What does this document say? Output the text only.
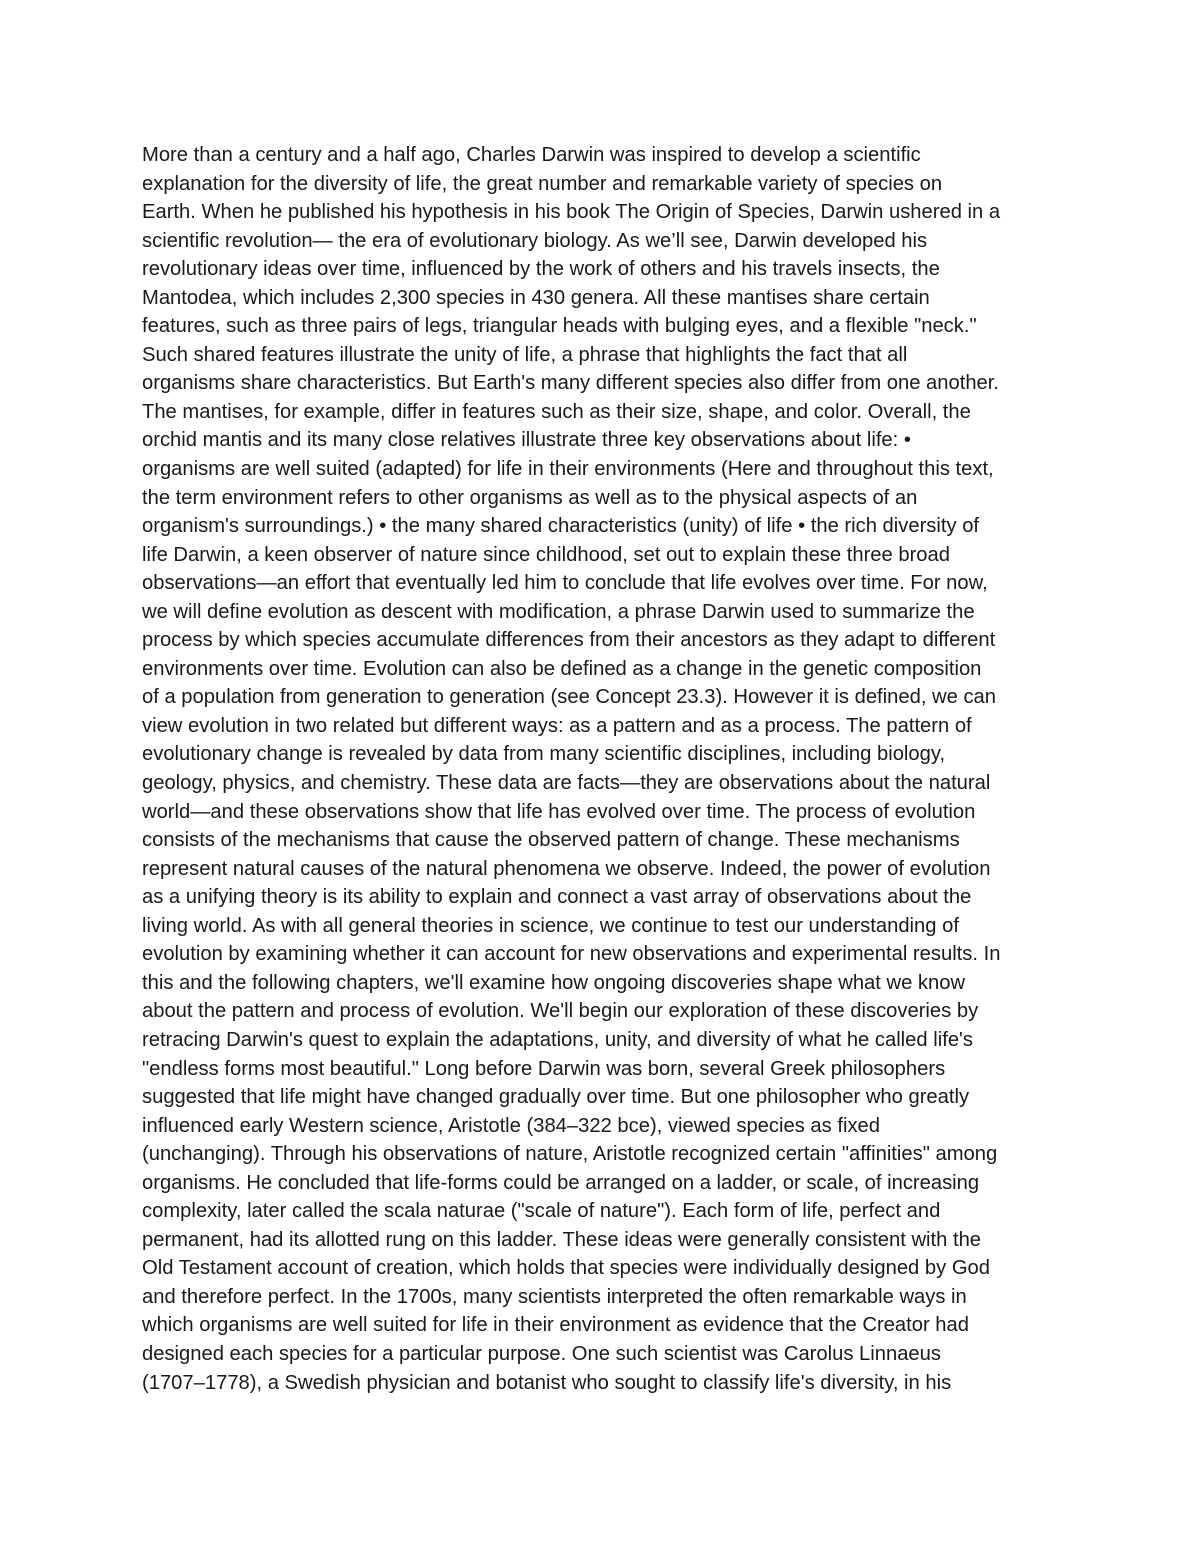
More than a century and a half ago, Charles Darwin was inspired to develop a scientific

explanation for the diversity of life, the great number and remarkable variety of species on

Earth. When he published his hypothesis in his book The Origin of Species, Darwin ushered in a

scientific revolution— the era of evolutionary biology. As we’ll see, Darwin developed his

revolutionary ideas over time, influenced by the work of others and his travels insects, the

Mantodea, which includes 2,300 species in 430 genera. All these mantises share certain

features, such as three pairs of legs, triangular heads with bulging eyes, and a flexible "neck."

Such shared features illustrate the unity of life, a phrase that highlights the fact that all

organisms share characteristics. But Earth's many different species also differ from one another.

The mantises, for example, differ in features such as their size, shape, and color. Overall, the

orchid mantis and its many close relatives illustrate three key observations about life: •

organisms are well suited (adapted) for life in their environments (Here and throughout this text,

the term environment refers to other organisms as well as to the physical aspects of an

organism's surroundings.) • the many shared characteristics (unity) of life • the rich diversity of

life Darwin, a keen observer of nature since childhood, set out to explain these three broad

observations—an effort that eventually led him to conclude that life evolves over time. For now,

we will define evolution as descent with modification, a phrase Darwin used to summarize the

process by which species accumulate differences from their ancestors as they adapt to different

environments over time. Evolution can also be defined as a change in the genetic composition

of a population from generation to generation (see Concept 23.3). However it is defined, we can

view evolution in two related but different ways: as a pattern and as a process. The pattern of

evolutionary change is revealed by data from many scientific disciplines, including biology,

geology, physics, and chemistry. These data are facts—they are observations about the natural

world—and these observations show that life has evolved over time. The process of evolution

consists of the mechanisms that cause the observed pattern of change. These mechanisms

represent natural causes of the natural phenomena we observe. Indeed, the power of evolution

as a unifying theory is its ability to explain and connect a vast array of observations about the

living world. As with all general theories in science, we continue to test our understanding of

evolution by examining whether it can account for new observations and experimental results. In

this and the following chapters, we'll examine how ongoing discoveries shape what we know

about the pattern and process of evolution. We'll begin our exploration of these discoveries by

retracing Darwin's quest to explain the adaptations, unity, and diversity of what he called life's

"endless forms most beautiful." Long before Darwin was born, several Greek philosophers

suggested that life might have changed gradually over time. But one philosopher who greatly

influenced early Western science, Aristotle (384–322 bce), viewed species as fixed

(unchanging). Through his observations of nature, Aristotle recognized certain "affinities" among

organisms. He concluded that life-forms could be arranged on a ladder, or scale, of increasing

complexity, later called the scala naturae ("scale of nature"). Each form of life, perfect and

permanent, had its allotted rung on this ladder. These ideas were generally consistent with the

Old Testament account of creation, which holds that species were individually designed by God

and therefore perfect. In the 1700s, many scientists interpreted the often remarkable ways in

which organisms are well suited for life in their environment as evidence that the Creator had

designed each species for a particular purpose. One such scientist was Carolus Linnaeus

(1707–1778), a Swedish physician and botanist who sought to classify life's diversity, in his
